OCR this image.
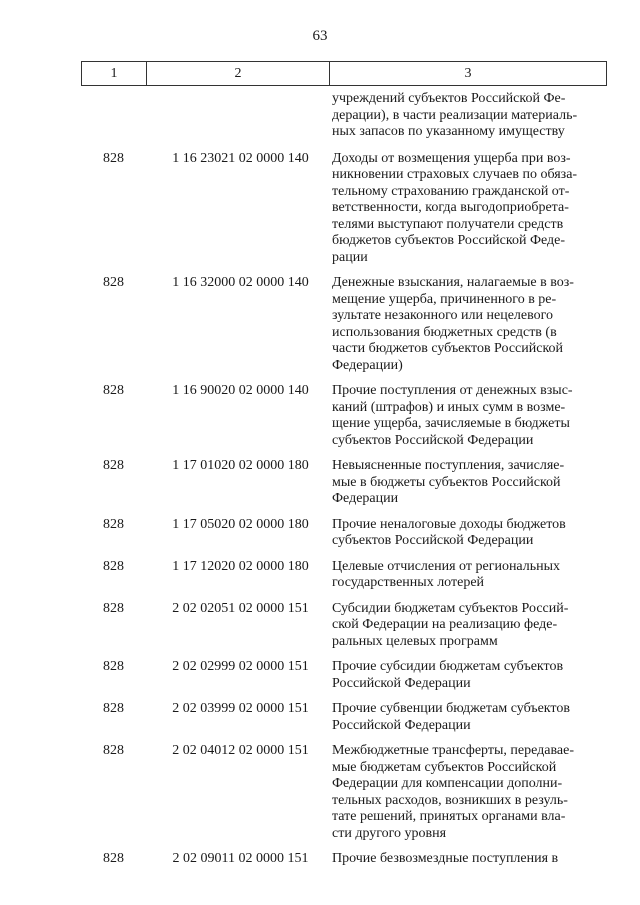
63
1	2	3
учреждений субъектов Российской Фе-
дерации), в части реализации материаль-
ных запасов по указанному имуществу
828	1 16 23021 02 0000 140	Доходы от возмещения ущерба при воз-
никновении страховых случаев по обяза-
тельному страхованию гражданской от-
ветственности, когда выгодоприобрета-
телями выступают получатели средств
бюджетов субъектов Российской Феде-
рации
828	1 16 32000 02 0000 140	Денежные взыскания, налагаемые в воз-
мещение ущерба, причиненного в ре-
зультате незаконного или нецелевого
использования бюджетных средств (в
части бюджетов субъектов Российской
Федерации)
828	1 16 90020 02 0000 140	Прочие поступления от денежных взыс-
каний (штрафов) и иных сумм в возме-
щение ущерба, зачисляемые в бюджеты
субъектов Российской Федерации
828	1 17 01020 02 0000 180	Невыясненные поступления, зачисляе-
мые в бюджеты субъектов Российской
Федерации
828	1 17 05020 02 0000 180	Прочие неналоговые доходы бюджетов
субъектов Российской Федерации
828	1 17 12020 02 0000 180	Целевые отчисления от региональных
государственных лотерей
828	2 02 02051 02 0000 151	Субсидии бюджетам субъектов Россий-
ской Федерации на реализацию феде-
ральных целевых программ
828	2 02 02999 02 0000 151	Прочие субсидии бюджетам субъектов
Российской Федерации
828	2 02 03999 02 0000 151	Прочие субвенции бюджетам субъектов
Российской Федерации
828	2 02 04012 02 0000 151	Межбюджетные трансферты, передавае-
мые бюджетам субъектов Российской
Федерации для компенсации дополни-
тельных расходов, возникших в резуль-
тате решений, принятых органами вла-
сти другого уровня
828	2 02 09011 02 0000 151	Прочие безвозмездные поступления в
